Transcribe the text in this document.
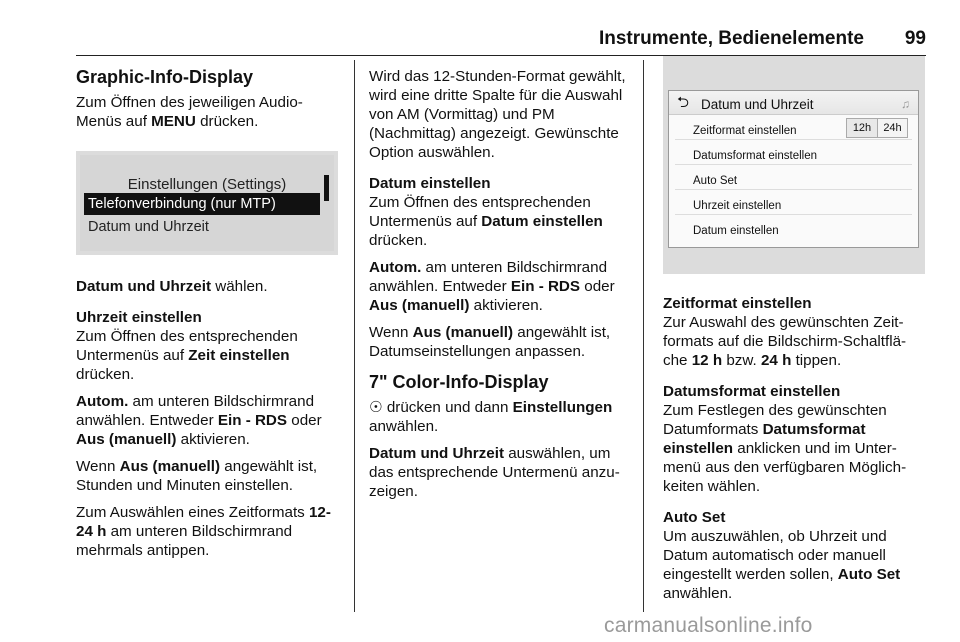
Instrumente, Bedienelemente 99
Graphic-Info-Display

Zum Öffnen des jeweiligen Audio-Menüs auf MENU drücken.

Einstellungen (Settings)
Telefonverbindung (nur MTP)
Datum und Uhrzeit

Datum und Uhrzeit wählen.

Uhrzeit einstellen

Zum Öffnen des entsprechenden Untermenüs auf Zeit einstellen drücken.

Autom. am unteren Bildschirmrand anwählen. Entweder Ein - RDS oder Aus (manuell) aktivieren.

Wenn Aus (manuell) angewählt ist, Stunden und Minuten einstellen.

Zum Auswählen eines Zeitformats 12-24 h am unteren Bildschirmrand mehrmals antippen.

Wird das 12-Stunden-Format gewählt, wird eine dritte Spalte für die Auswahl von AM (Vormittag) und PM (Nachmittag) angezeigt. Gewünschte Option auswählen.

Datum einstellen

Zum Öffnen des entsprechenden Untermenüs auf Datum einstellen drücken.

Autom. am unteren Bildschirmrand anwählen. Entweder Ein - RDS oder Aus (manuell) aktivieren.

Wenn Aus (manuell) angewählt ist, Datumseinstellungen anpassen.

7" Color-Info-Display

☉ drücken und dann Einstellungen anwählen.

Datum und Uhrzeit auswählen, um das entsprechende Untermenü anzu-zeigen.

⮌ Datum und Uhrzeit	♫
Zeitformat einstellen	12h	24h
Datumsformat einstellen
Auto Set
Uhrzeit einstellen
Datum einstellen

Zeitformat einstellen

Zur Auswahl des gewünschten Zeit-formats auf die Bildschirm-Schaltflä-che 12 h bzw. 24 h tippen.

Datumsformat einstellen

Zum Festlegen des gewünschten Datumformats Datumsformat einstellen anklicken und im Unter-menü aus den verfügbaren Möglich-keiten wählen.

Auto Set

Um auszuwählen, ob Uhrzeit und Datum automatisch oder manuell eingestellt werden sollen, Auto Set anwählen.

carmanualsonline.info
